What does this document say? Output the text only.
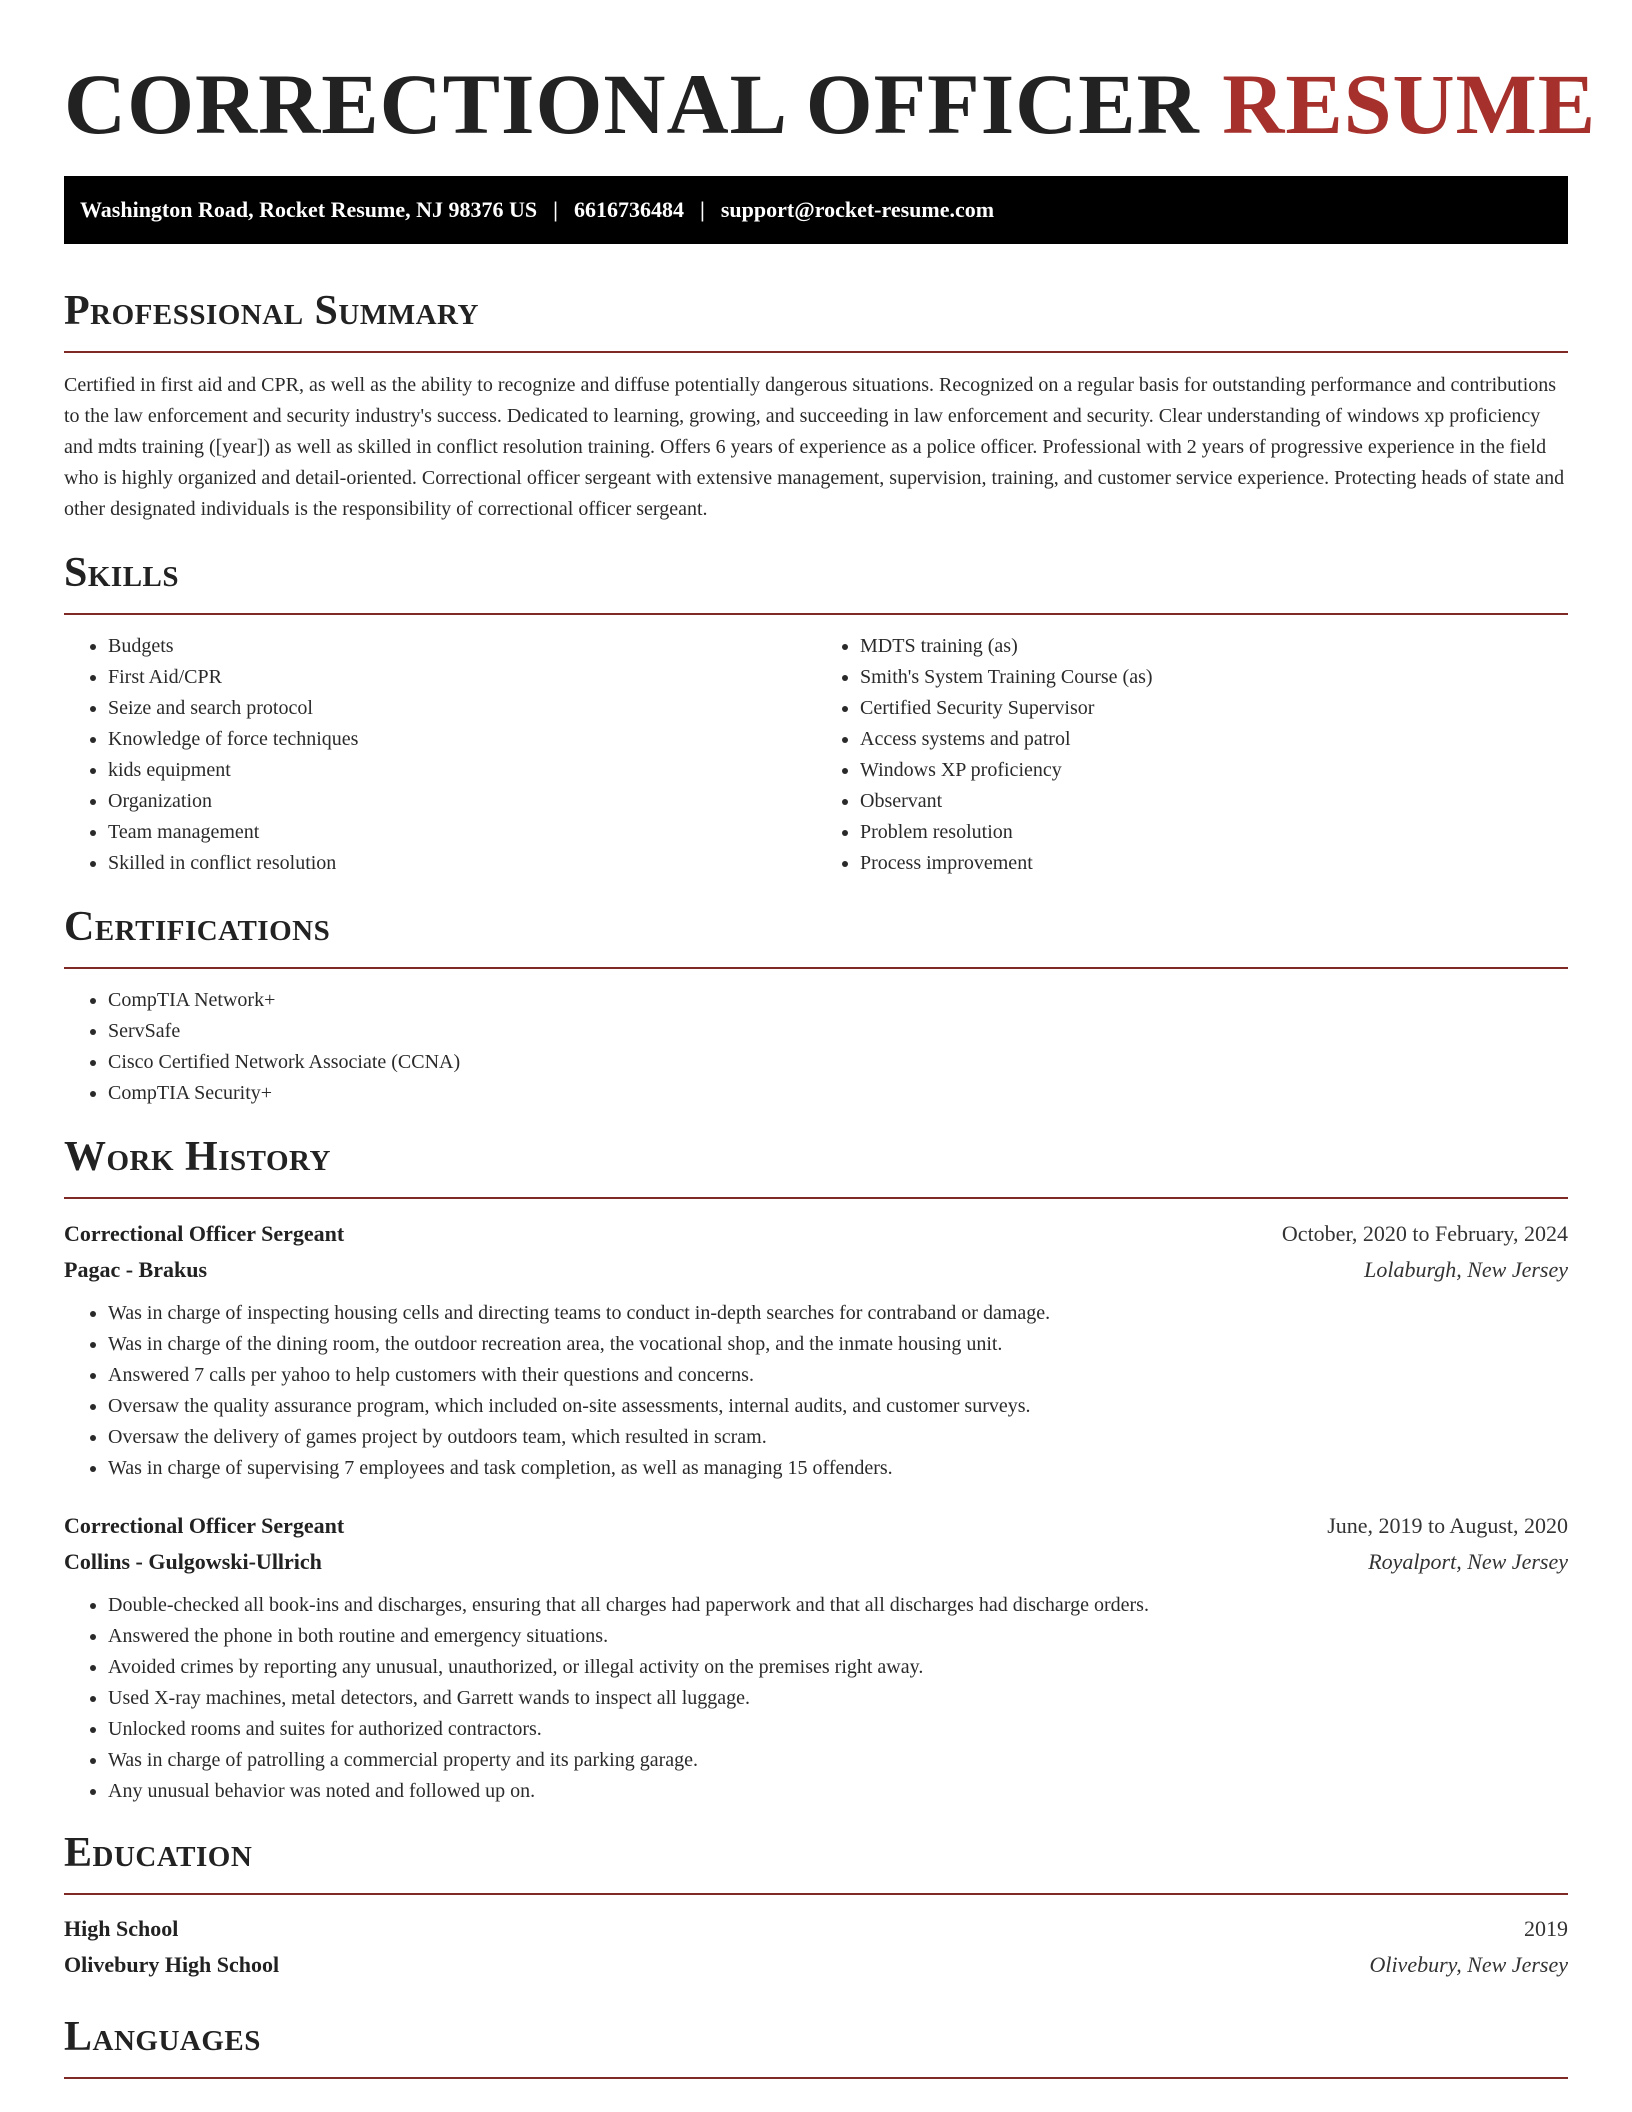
CORRECTIONAL OFFICER RESUME
Washington Road, Rocket Resume, NJ 98376 US | 6616736484 | support@rocket-resume.com
Professional Summary

Certified in first aid and CPR, as well as the ability to recognize and diffuse potentially dangerous situations. Recognized on a regular basis for outstanding performance and contributions to the law enforcement and security industry's success. Dedicated to learning, growing, and succeeding in law enforcement and security. Clear understanding of windows xp proficiency and mdts training ([year]) as well as skilled in conflict resolution training. Offers 6 years of experience as a police officer. Professional with 2 years of progressive experience in the field who is highly organized and detail-oriented. Correctional officer sergeant with extensive management, supervision, training, and customer service experience. Protecting heads of state and other designated individuals is the responsibility of correctional officer sergeant.

Skills
• Budgets
• First Aid/CPR
• Seize and search protocol
• Knowledge of force techniques
• kids equipment
• Organization
• Team management
• Skilled in conflict resolution
• MDTS training (as)
• Smith's System Training Course (as)
• Certified Security Supervisor
• Access systems and patrol
• Windows XP proficiency
• Observant
• Problem resolution
• Process improvement
Certifications
• CompTIA Network+
• ServSafe
• Cisco Certified Network Associate (CCNA)
• CompTIA Security+
Work History
Correctional Officer Sergeant	October, 2020 to February, 2024
Pagac - Brakus	Lolaburgh, New Jersey
• Was in charge of inspecting housing cells and directing teams to conduct in-depth searches for contraband or damage.
• Was in charge of the dining room, the outdoor recreation area, the vocational shop, and the inmate housing unit.
• Answered 7 calls per yahoo to help customers with their questions and concerns.
• Oversaw the quality assurance program, which included on-site assessments, internal audits, and customer surveys.
• Oversaw the delivery of games project by outdoors team, which resulted in scram.
• Was in charge of supervising 7 employees and task completion, as well as managing 15 offenders.
Correctional Officer Sergeant	June, 2019 to August, 2020
Collins - Gulgowski-Ullrich	Royalport, New Jersey
• Double-checked all book-ins and discharges, ensuring that all charges had paperwork and that all discharges had discharge orders.
• Answered the phone in both routine and emergency situations.
• Avoided crimes by reporting any unusual, unauthorized, or illegal activity on the premises right away.
• Used X-ray machines, metal detectors, and Garrett wands to inspect all luggage.
• Unlocked rooms and suites for authorized contractors.
• Was in charge of patrolling a commercial property and its parking garage.
• Any unusual behavior was noted and followed up on.
Education
High School	2019
Olivebury High School	Olivebury, New Jersey
Languages
